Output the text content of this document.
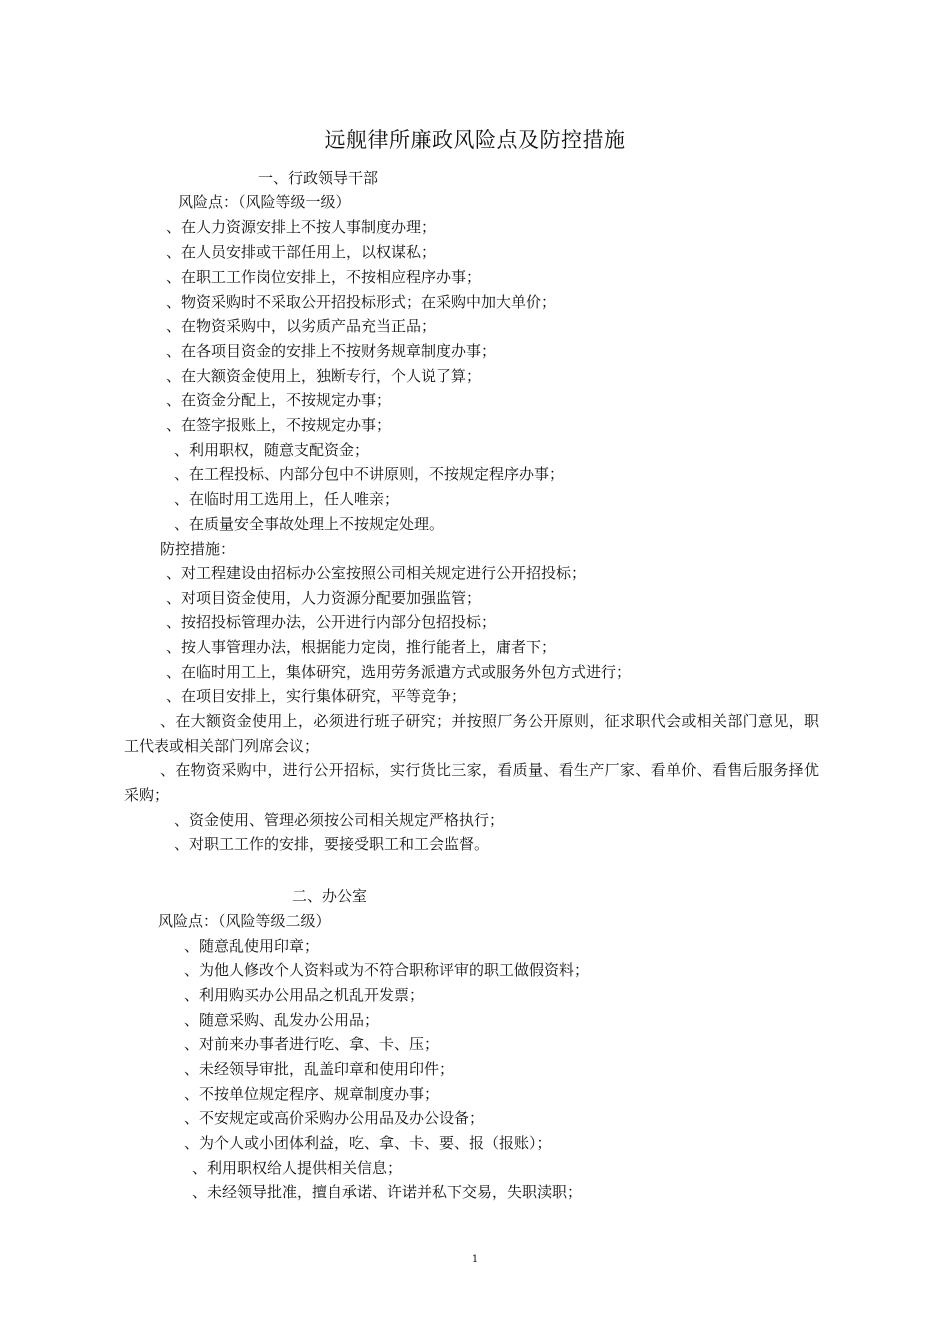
远舰律所廉政风险点及防控措施
一、行政领导干部
风险点：（风险等级一级）
、在人力资源安排上不按人事制度办理；
、在人员安排或干部任用上，以权谋私；
、在职工工作岗位安排上，不按相应程序办事；
、物资采购时不采取公开招投标形式；在采购中加大单价；
、在物资采购中，以劣质产品充当正品；
、在各项目资金的安排上不按财务规章制度办事；
、在大额资金使用上，独断专行，个人说了算；
、在资金分配上，不按规定办事；
、在签字报账上，不按规定办事；
、利用职权，随意支配资金；
、在工程投标、内部分包中不讲原则，不按规定程序办事；
、在临时用工选用上，任人唯亲；
、在质量安全事故处理上不按规定处理。
防控措施：
、对工程建设由招标办公室按照公司相关规定进行公开招投标；
、对项目资金使用，人力资源分配要加强监管；
、按招投标管理办法，公开进行内部分包招投标；
、按人事管理办法，根据能力定岗，推行能者上，庸者下；
、在临时用工上，集体研究，选用劳务派遣方式或服务外包方式进行；
、在项目安排上，实行集体研究，平等竞争；
、在大额资金使用上，必须进行班子研究；并按照厂务公开原则，征求职代会或相关部门意见，职工代表或相关部门列席会议；
、在物资采购中，进行公开招标，实行货比三家，看质量、看生产厂家、看单价、看售后服务择优采购；
、资金使用、管理必须按公司相关规定严格执行；
、对职工工作的安排，要接受职工和工会监督。
二、办公室
风险点：（风险等级二级）
、随意乱使用印章；
、为他人修改个人资料或为不符合职称评审的职工做假资料；
、利用购买办公用品之机乱开发票；
、随意采购、乱发办公用品；
、对前来办事者进行吃、拿、卡、压；
、未经领导审批，乱盖印章和使用印件；
、不按单位规定程序、规章制度办事；
、不安规定或高价采购办公用品及办公设备；
、为个人或小团体利益，吃、拿、卡、要、报（报账）；
、利用职权给人提供相关信息；
、未经领导批准，擅自承诺、许诺并私下交易，失职渎职；
1
